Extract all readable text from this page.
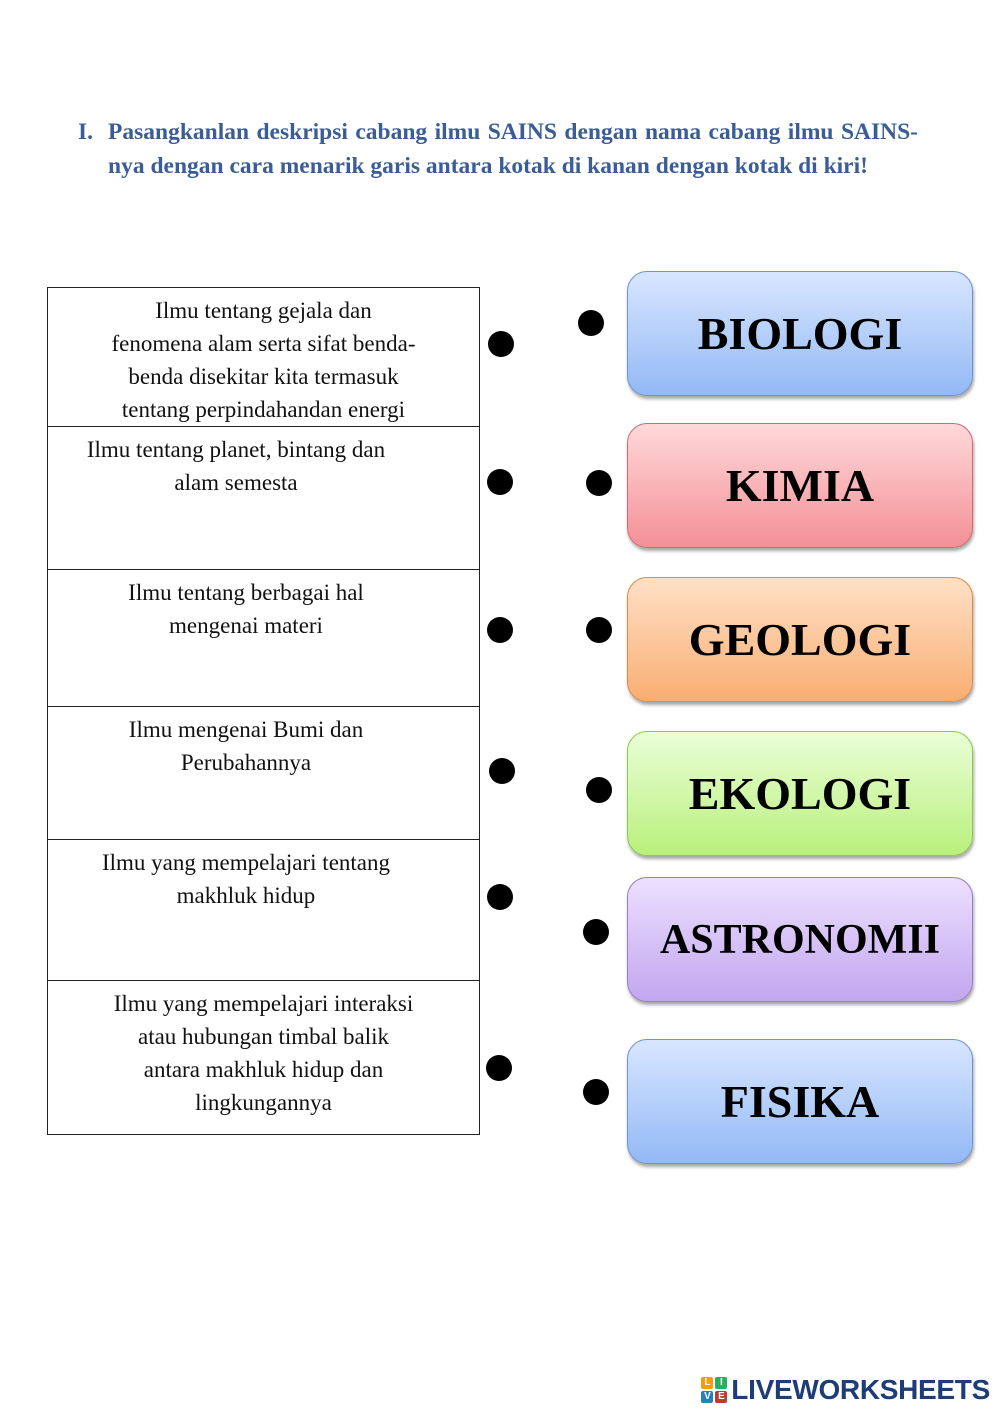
I. Pasangkanlan deskripsi cabang ilmu SAINS dengan nama cabang ilmu SAINS-nya dengan cara menarik garis antara kotak di kanan dengan kotak di kiri!
Ilmu tentang gejala dan
fenomena alam serta sifat benda-
benda disekitar kita termasuk
tentang perpindahandan energi
Ilmu tentang planet, bintang dan
alam semesta
Ilmu tentang berbagai hal
mengenai materi
Ilmu mengenai Bumi dan
Perubahannya
Ilmu yang mempelajari tentang
makhluk hidup
Ilmu yang mempelajari interaksi
atau hubungan timbal balik
antara makhluk hidup dan
lingkungannya
BIOLOGI
KIMIA
GEOLOGI
EKOLOGI
ASTRONOMII
FISIKA
L I
V E LIVEWORKSHEETS
